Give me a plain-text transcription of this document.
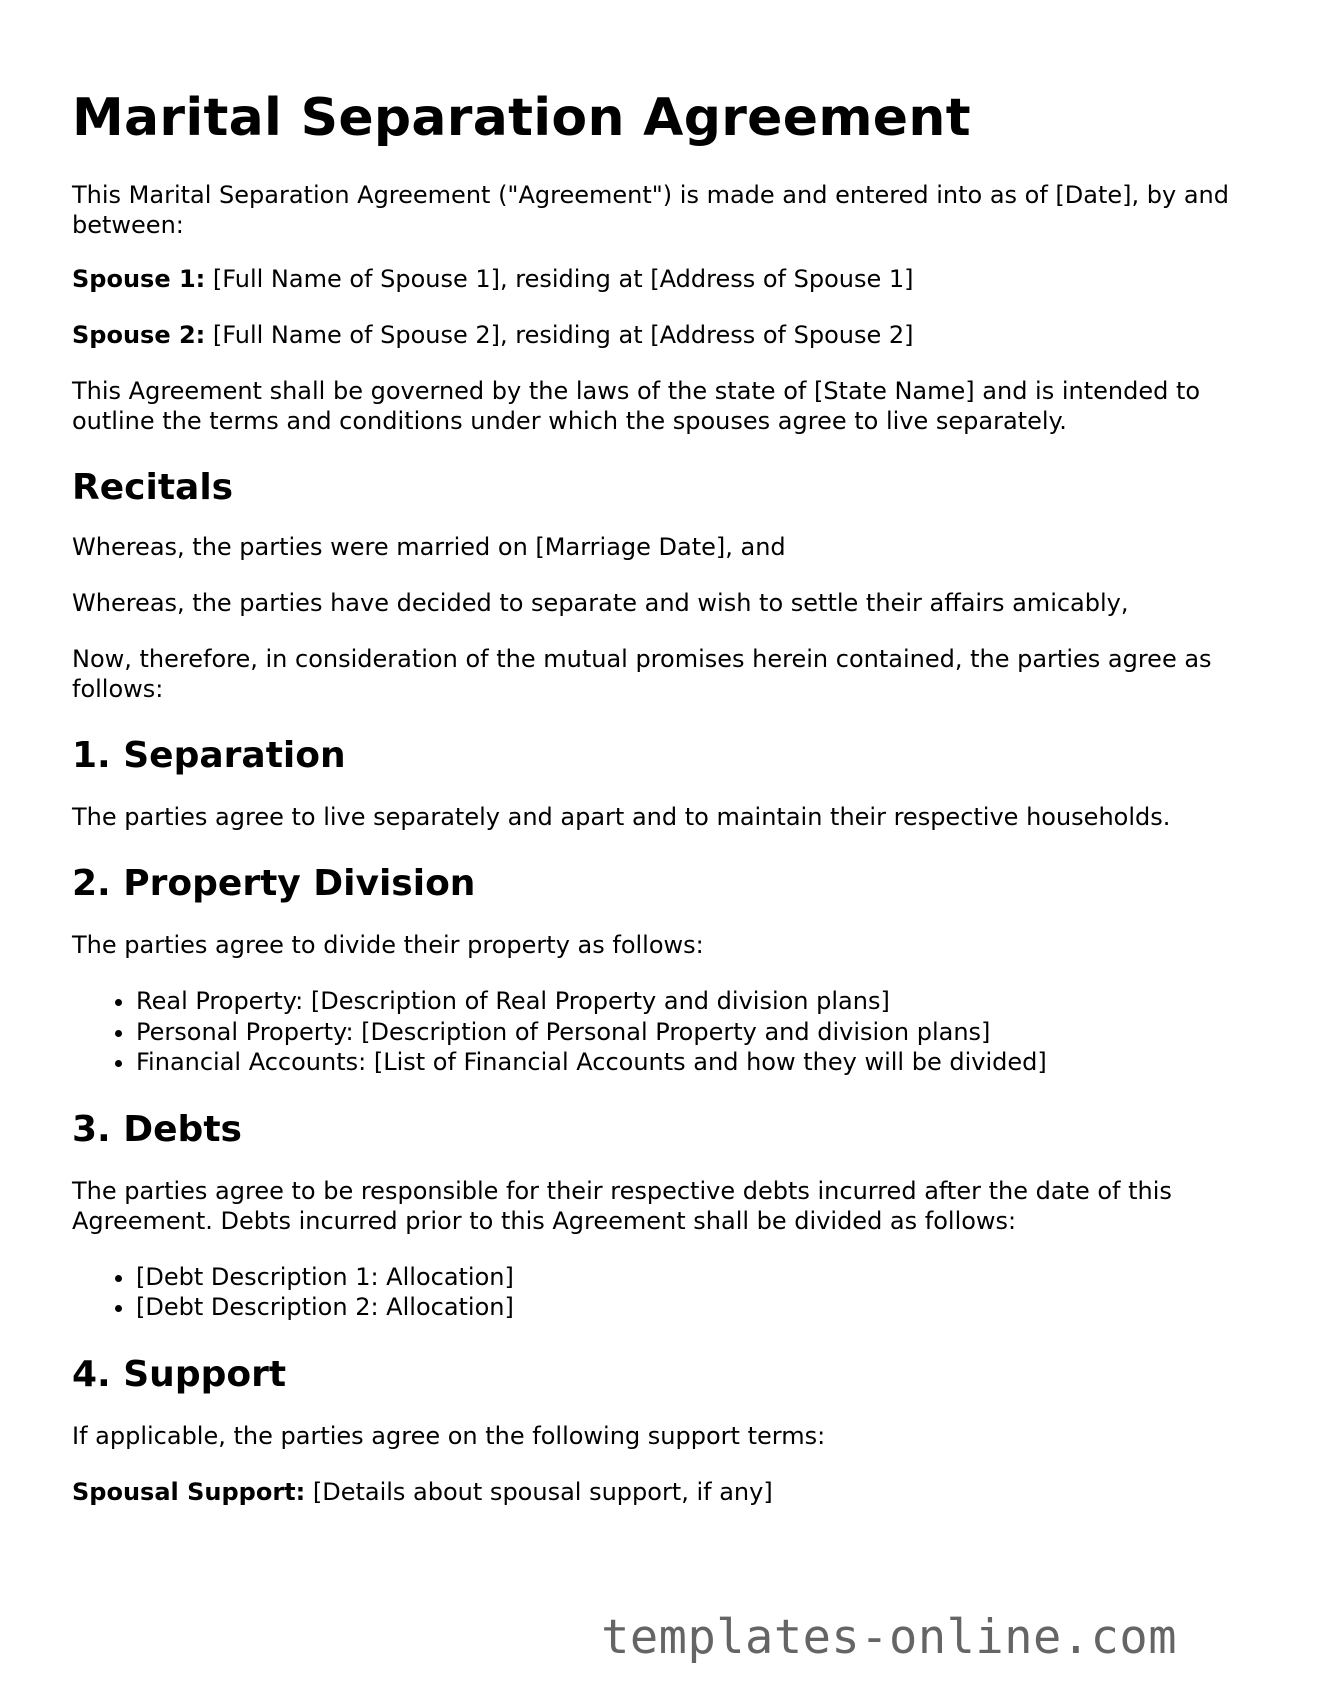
Marital Separation Agreement

This Marital Separation Agreement ("Agreement") is made and entered into as of [Date], by and between:

Spouse 1: [Full Name of Spouse 1], residing at [Address of Spouse 1]

Spouse 2: [Full Name of Spouse 2], residing at [Address of Spouse 2]

This Agreement shall be governed by the laws of the state of [State Name] and is intended to outline the terms and conditions under which the spouses agree to live separately.

Recitals

Whereas, the parties were married on [Marriage Date], and

Whereas, the parties have decided to separate and wish to settle their affairs amicably,

Now, therefore, in consideration of the mutual promises herein contained, the parties agree as follows:

1. Separation

The parties agree to live separately and apart and to maintain their respective households.

2. Property Division

The parties agree to divide their property as follows:

• Real Property: [Description of Real Property and division plans]
• Personal Property: [Description of Personal Property and division plans]
• Financial Accounts: [List of Financial Accounts and how they will be divided]
3. Debts

The parties agree to be responsible for their respective debts incurred after the date of this Agreement. Debts incurred prior to this Agreement shall be divided as follows:

• [Debt Description 1: Allocation]
• [Debt Description 2: Allocation]
4. Support

If applicable, the parties agree on the following support terms:

Spousal Support: [Details about spousal support, if any]

templates-online.com
